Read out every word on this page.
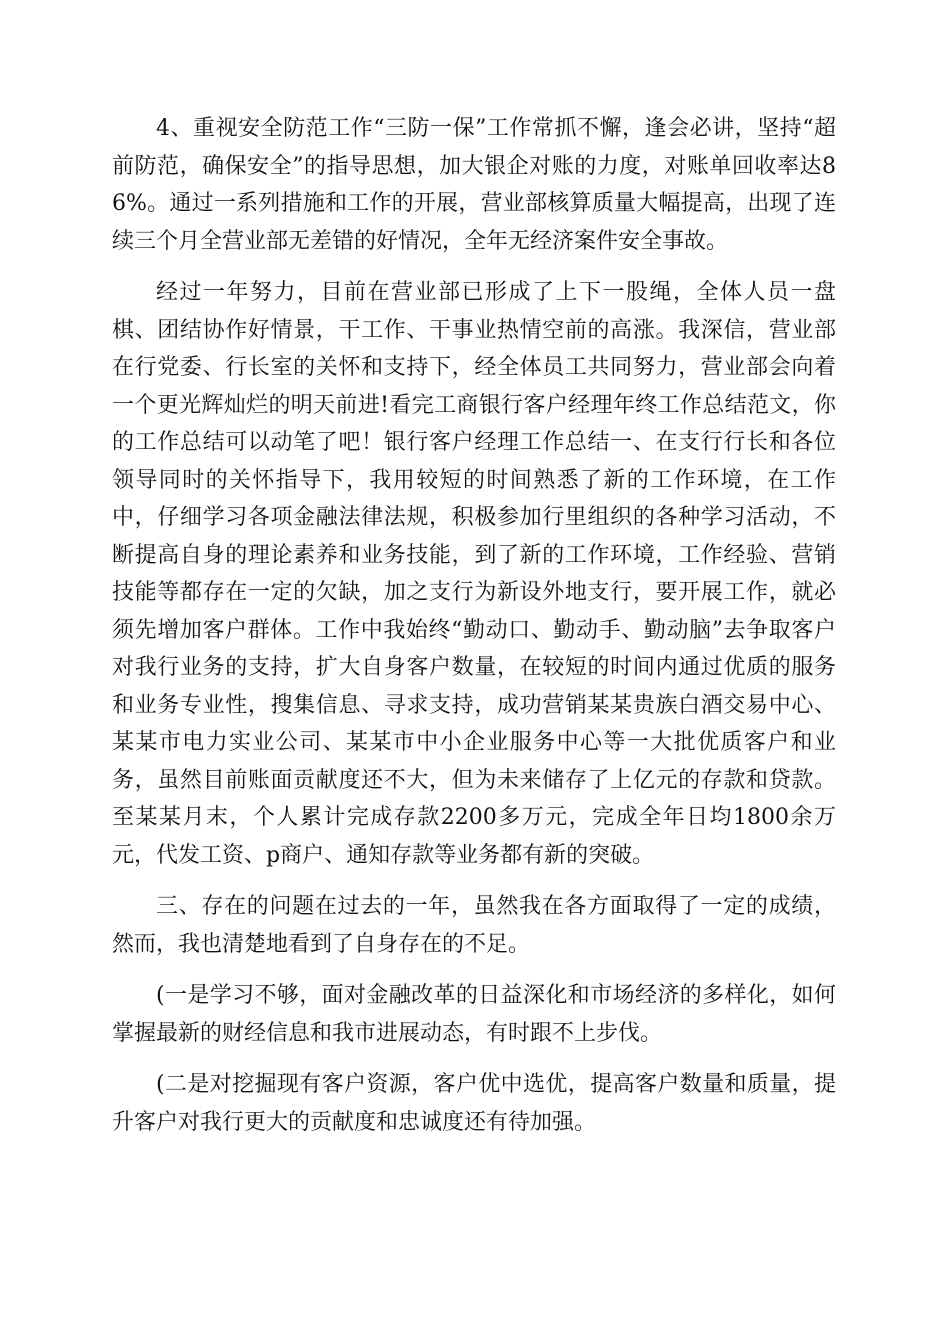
4、重视安全防范工作“三防一保”工作常抓不懈，逢会必讲，坚持“超前防范，确保安全”的指导思想，加大银企对账的力度，对账单回收率达86%。通过一系列措施和工作的开展，营业部核算质量大幅提高，出现了连续三个月全营业部无差错的好情况，全年无经济案件安全事故。

经过一年努力，目前在营业部已形成了上下一股绳，全体人员一盘棋、团结协作好情景，干工作、干事业热情空前的高涨。我深信，营业部在行党委、行长室的关怀和支持下，经全体员工共同努力，营业部会向着一个更光辉灿烂的明天前进!看完工商银行客户经理年终工作总结范文，你的工作总结可以动笔了吧！银行客户经理工作总结一、在支行行长和各位领导同时的关怀指导下，我用较短的时间熟悉了新的工作环境，在工作中，仔细学习各项金融法律法规，积极参加行里组织的各种学习活动，不断提高自身的理论素养和业务技能，到了新的工作环境，工作经验、营销技能等都存在一定的欠缺，加之支行为新设外地支行，要开展工作，就必须先增加客户群体。工作中我始终“勤动口、勤动手、勤动脑”去争取客户对我行业务的支持，扩大自身客户数量，在较短的时间内通过优质的服务和业务专业性，搜集信息、寻求支持，成功营销某某贵族白酒交易中心、某某市电力实业公司、某某市中小企业服务中心等一大批优质客户和业务，虽然目前账面贡献度还不大，但为未来储存了上亿元的存款和贷款。至某某月末，个人累计完成存款2200多万元，完成全年日均1800余万元，代发工资、p商户、通知存款等业务都有新的突破。

三、存在的问题在过去的一年，虽然我在各方面取得了一定的成绩，然而，我也清楚地看到了自身存在的不足。

(一是学习不够，面对金融改革的日益深化和市场经济的多样化，如何掌握最新的财经信息和我市进展动态，有时跟不上步伐。

(二是对挖掘现有客户资源，客户优中选优，提高客户数量和质量，提升客户对我行更大的贡献度和忠诚度还有待加强。
